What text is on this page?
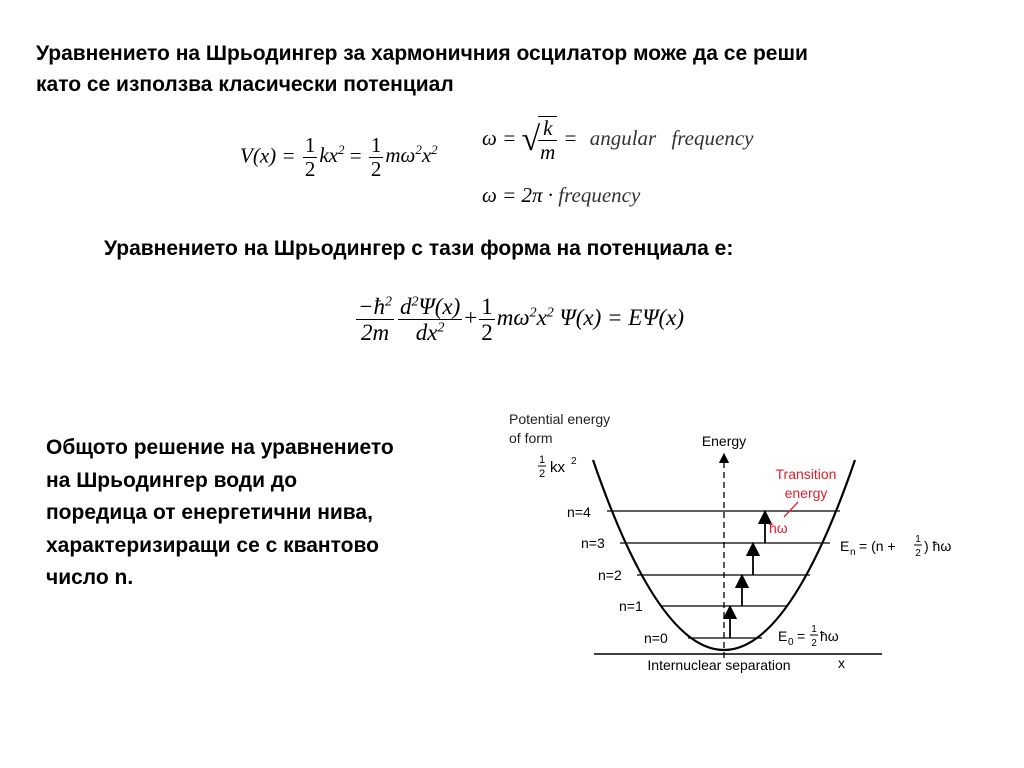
Уравнението на Шрьодингер за хармоничния осцилатор може да се реши
като се използва класически потенциал

$V(x) = \frac{1}{2} kx^2 = \frac{1}{2} m\omega^2x^2$ ω = √
$\frac{k}{m}$ = angular frequency
ω = 2π · frequency

Уравнението на Шрьодингер с тази форма на потенциала е:

$\frac{-ħ^2}{2m} \frac{d^2\Psi(x)}{dx^2} + \frac{1}{2} m\omega^2x^2$ Ψ(x) = EΨ(x)

Общото решение на уравнението
на Шрьодингер води до
поредица от енергетични нива,
характеризиращи се с квантово
число n.

Potential energy
of form
1
2 kx 2
Energy
x
Internuclear separation
n=0
n=1
n=2
n=3
n=4
Transition
energy
ħω
E n = (n + 1
2 ) ħω
E 0 = 1
2 ħω
